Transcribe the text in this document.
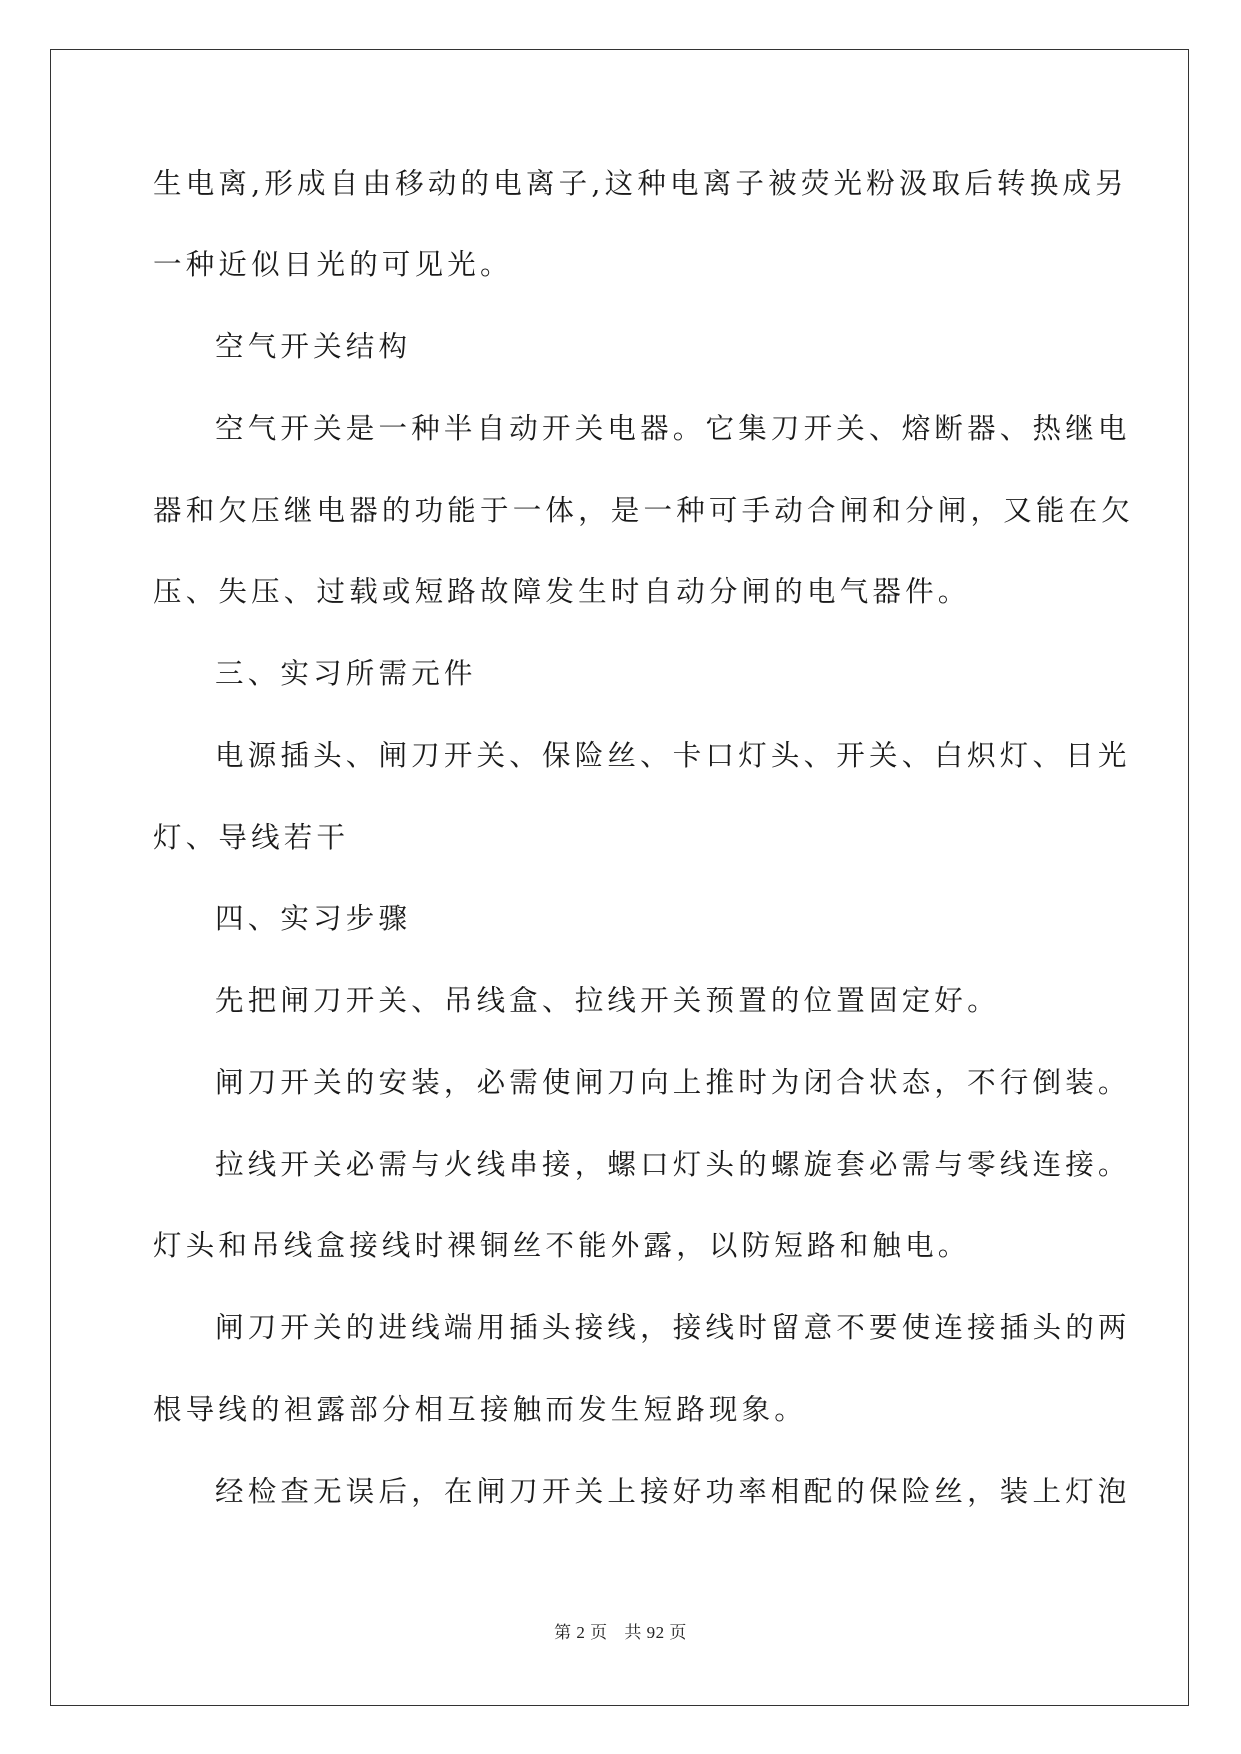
生电离,形成自由移动的电离子,这种电离子被荧光粉汲取后转换成另
一种近似日光的可见光。
空气开关结构
空气开关是一种半自动开关电器。它集刀开关、熔断器、热继电
器和欠压继电器的功能于一体，是一种可手动合闸和分闸，又能在欠
压、失压、过载或短路故障发生时自动分闸的电气器件。
三、实习所需元件
电源插头、闸刀开关、保险丝、卡口灯头、开关、白炽灯、日光
灯、导线若干
四、实习步骤
先把闸刀开关、吊线盒、拉线开关预置的位置固定好。
闸刀开关的安装，必需使闸刀向上推时为闭合状态，不行倒装。
拉线开关必需与火线串接，螺口灯头的螺旋套必需与零线连接。
灯头和吊线盒接线时裸铜丝不能外露，以防短路和触电。
闸刀开关的进线端用插头接线，接线时留意不要使连接插头的两
根导线的袒露部分相互接触而发生短路现象。
经检查无误后，在闸刀开关上接好功率相配的保险丝，装上灯泡
第 2 页 共 92 页
